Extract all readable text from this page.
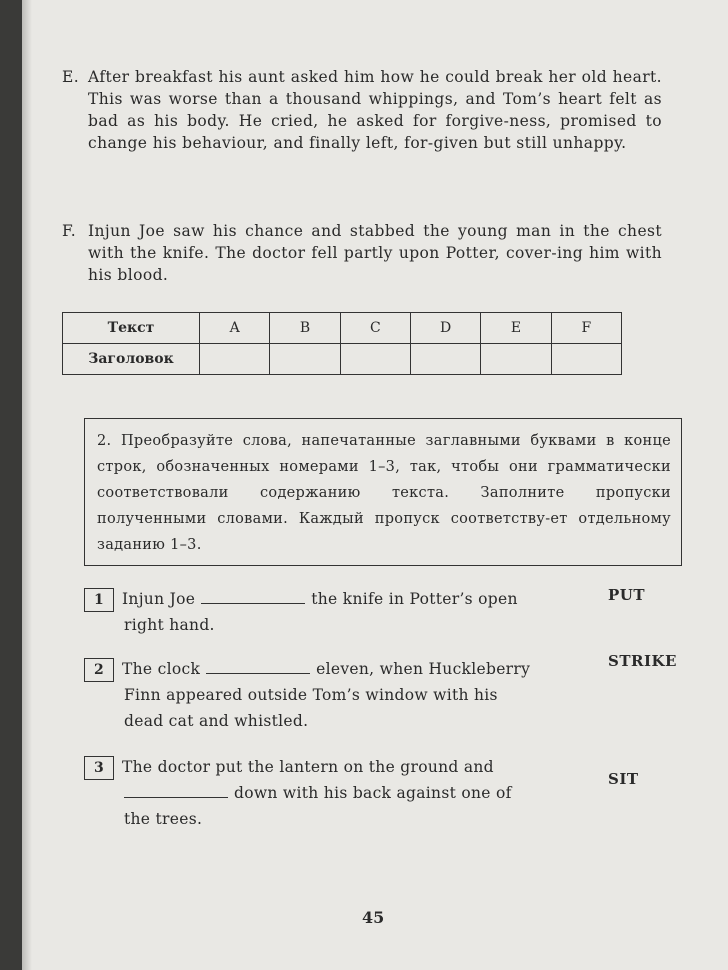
E. After breakfast his aunt asked him how he could break her old heart. This was worse than a thousand whippings, and Tom’s heart felt as bad as his body. He cried, he asked for forgive-ness, promised to change his behaviour, and finally left, for-given but still unhappy.
F. Injun Joe saw his chance and stabbed the young man in the chest with the knife. The doctor fell partly upon Potter, cover-ing him with his blood.
Текст	A	B	C	D	E	F
Заголовок						
2. Преобразуйте слова, напечатанные заглавными буквами в конце строк, обозначенных номерами 1–3, так, чтобы они грамматически соответствовали содержанию текста. Заполните пропуски полученными словами. Каждый пропуск соответству-ет отдельному заданию 1–3.
1 Injun Joe	the knife in Potter’s open
right hand.
PUT
2 The clock	eleven, when Huckleberry
Finn appeared outside Tom’s window with his
dead cat and whistled.
STRIKE
3 The doctor put the lantern on the ground and
down with his back against one of
the trees.
SIT
45
